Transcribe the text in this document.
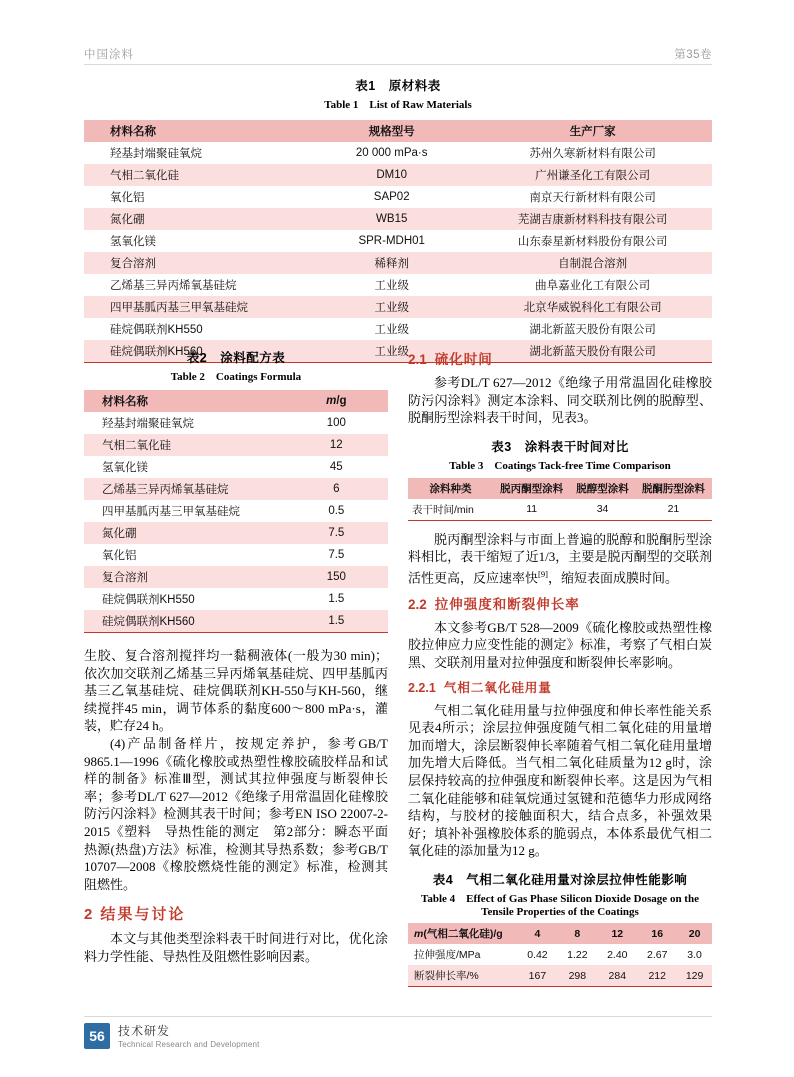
中国涂料	第35卷
表1　原材料表
Table 1　List of Raw Materials
材料名称	规格型号	生产厂家
羟基封端聚硅氧烷	20 000 mPa·s	苏州久寒新材料有限公司
气相二氧化硅	DM10	广州谦圣化工有限公司
氧化铝	SAP02	南京天行新材料有限公司
氮化硼	WB15	芜湖吉康新材料科技有限公司
氢氧化镁	SPR-MDH01	山东泰星新材料股份有限公司
复合溶剂	稀释剂	自制混合溶剂
乙烯基三异丙烯氧基硅烷	工业级	曲阜嘉业化工有限公司
四甲基胍丙基三甲氧基硅烷	工业级	北京华威锐科化工有限公司
硅烷偶联剂KH550	工业级	湖北新蓝天股份有限公司
硅烷偶联剂KH560	工业级	湖北新蓝天股份有限公司
表2　涂料配方表
Table 2　Coatings Formula
材料名称	m/g
羟基封端聚硅氧烷	100
气相二氧化硅	12
氢氧化镁	45
乙烯基三异丙烯氧基硅烷	6
四甲基胍丙基三甲氧基硅烷	0.5
氮化硼	7.5
氧化铝	7.5
复合溶剂	150
硅烷偶联剂KH550	1.5
硅烷偶联剂KH560	1.5

生胶、复合溶剂搅拌均一黏稠液体(一般为30 min)；依次加交联剂乙烯基三异丙烯氧基硅烷、四甲基胍丙基三乙氧基硅烷、硅烷偶联剂KH-550与KH-560，继续搅拌45 min，调节体系的黏度600～800 mPa·s，灌装，贮存24 h。

(4)产品制备样片，按规定养护，参考GB/T 9865.1—1996《硫化橡胶或热塑性橡胶硫胶样品和试样的制备》标准Ⅲ型，测试其拉伸强度与断裂伸长率；参考DL/T 627—2012《绝缘子用常温固化硅橡胶防污闪涂料》检测其表干时间；参考EN ISO 22007-2-2015《塑料　导热性能的测定　第2部分：瞬态平面热源(热盘)方法》标准，检测其导热系数；参考GB/T 10707—2008《橡胶燃烧性能的测定》标准，检测其阻燃性。

2 结果与讨论

本文与其他类型涂料表干时间进行对比，优化涂料力学性能、导热性及阻燃性影响因素。

2.1 硫化时间

参考DL/T 627—2012《绝缘子用常温固化硅橡胶防污闪涂料》测定本涂料、同交联剂比例的脱醇型、脱酮肟型涂料表干时间，见表3。

表3　涂料表干时间对比
Table 3　Coatings Tack-free Time Comparison
涂料种类	脱丙酮型涂料	脱醇型涂料	脱酮肟型涂料
表干时间/min	11	34	21

脱丙酮型涂料与市面上普遍的脱醇和脱酮肟型涂料相比，表干缩短了近1/3，主要是脱丙酮型的交联剂活性更高，反应速率快[9]，缩短表面成膜时间。

2.2 拉伸强度和断裂伸长率

本文参考GB/T 528—2009《硫化橡胶或热塑性橡胶拉伸应力应变性能的测定》标准，考察了气相白炭黑、交联剂用量对拉伸强度和断裂伸长率影响。

2.2.1 气相二氧化硅用量

气相二氧化硅用量与拉伸强度和伸长率性能关系见表4所示；涂层拉伸强度随气相二氧化硅的用量增加而增大，涂层断裂伸长率随着气相二氧化硅用量增加先增大后降低。当气相二氧化硅质量为12 g时，涂层保持较高的拉伸强度和断裂伸长率。这是因为气相二氧化硅能够和硅氧烷通过氢键和范德华力形成网络结构，与胶材的接触面积大，结合点多，补强效果好；填补补强橡胶体系的脆弱点，本体系最优气相二氧化硅的添加量为12 g。

表4　气相二氧化硅用量对涂层拉伸性能影响
Table 4　Effect of Gas Phase Silicon Dioxide Dosage on the Tensile Properties of the Coatings
m(气相二氧化硅)/g	4	8	12	16	20
拉伸强度/MPa	0.42	1.22	2.40	2.67	3.0
断裂伸长率/%	167	298	284	212	129
56	技术研发
Technical Research and Development
